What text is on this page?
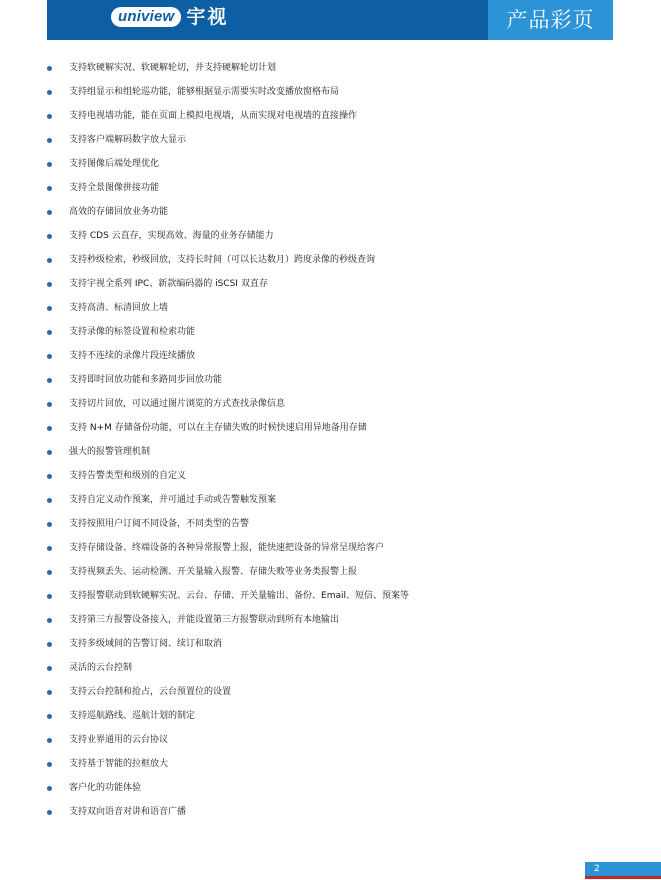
uniview 宇视	产品彩页
支持软硬解实况、软硬解轮切，并支持硬解轮切计划
支持组显示和组轮巡功能，能够根据显示需要实时改变播放窗格布局
支持电视墙功能，能在页面上模拟电视墙，从而实现对电视墙的直接操作
支持客户端解码数字放大显示
支持图像后端处理优化
支持全景图像拼接功能
高效的存储回放业务功能
支持 CDS 云直存，实现高效、海量的业务存储能力
支持秒级检索，秒级回放，支持长时间（可以长达数月）跨度录像的秒级查询
支持宇视全系列 IPC、新款编码器的 iSCSI 双直存
支持高清、标清回放上墙
支持录像的标签设置和检索功能
支持不连续的录像片段连续播放
支持即时回放功能和多路同步回放功能
支持切片回放，可以通过图片浏览的方式查找录像信息
支持 N+M 存储备份功能，可以在主存储失败的时候快速启用异地备用存储
强大的报警管理机制
支持告警类型和级别的自定义
支持自定义动作预案，并可通过手动或告警触发预案
支持按照用户订阅不同设备，不同类型的告警
支持存储设备、终端设备的各种异常报警上报，能快速把设备的异常呈现给客户
支持视频丢失、运动检测、开关量输入报警、存储失败等业务类报警上报
支持报警联动到软硬解实况、云台、存储、开关量输出、备份、Email、短信、预案等
支持第三方报警设备接入，并能设置第三方报警联动到所有本地输出
支持多级域间的告警订阅、续订和取消
灵活的云台控制
支持云台控制和抢占，云台预置位的设置
支持巡航路线、巡航计划的制定
支持业界通用的云台协议
支持基于智能的拉框放大
客户化的功能体验
支持双向语音对讲和语音广播
2
